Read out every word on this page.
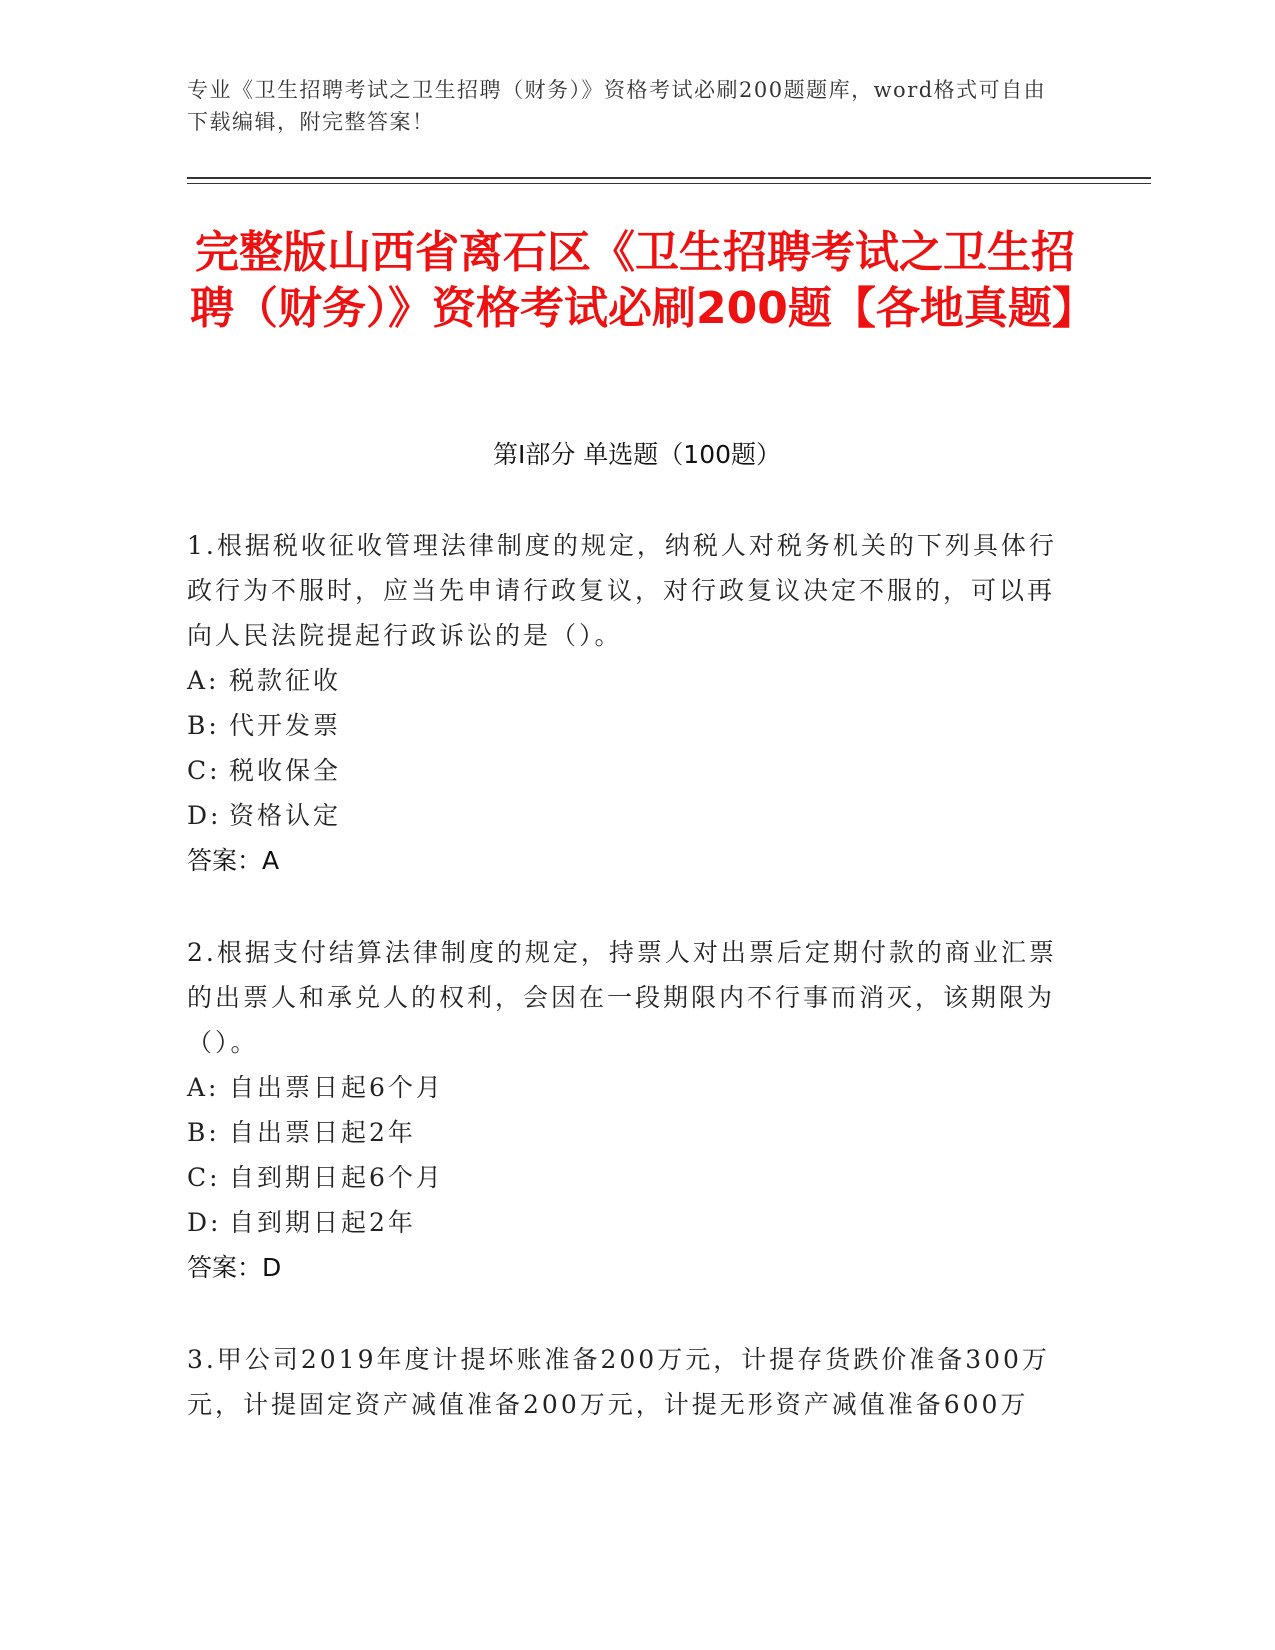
专业《卫生招聘考试之卫生招聘（财务）》资格考试必刷200题题库，word格式可自由下载编辑，附完整答案！
完整版山西省离石区《卫生招聘考试之卫生招聘（财务）》资格考试必刷200题【各地真题】
第I部分 单选题（100题）

1.根据税收征收管理法律制度的规定，纳税人对税务机关的下列具体行政行为不服时，应当先申请行政复议，对行政复议决定不服的，可以再向人民法院提起行政诉讼的是（）。

A: 税款征收

B: 代开发票

C: 税收保全

D: 资格认定

答案：A

2.根据支付结算法律制度的规定，持票人对出票后定期付款的商业汇票的出票人和承兑人的权利，会因在一段期限内不行事而消灭，该期限为（）。

A: 自出票日起6个月

B: 自出票日起2年

C: 自到期日起6个月

D: 自到期日起2年

答案：D

3.甲公司2019年度计提坏账准备200万元，计提存货跌价准备300万元，计提固定资产减值准备200万元，计提无形资产减值准备600万
